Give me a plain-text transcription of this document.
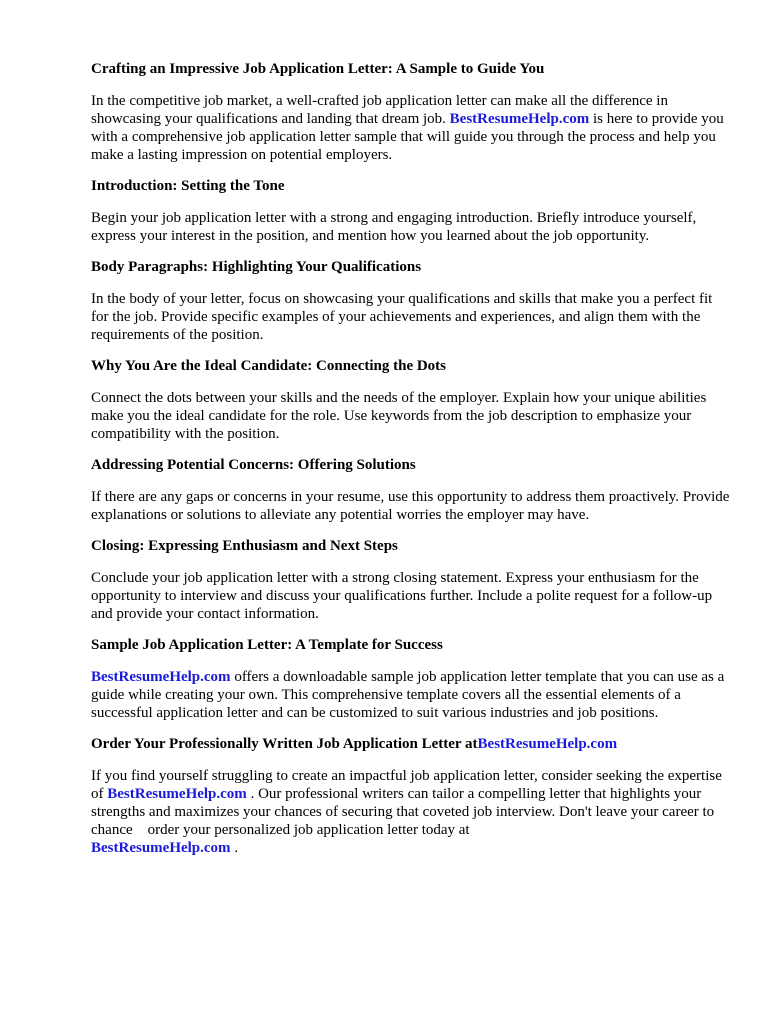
Crafting an Impressive Job Application Letter: A Sample to Guide You

In the competitive job market, a well-crafted job application letter can make all the difference in showcasing your qualifications and landing that dream job. BestResumeHelp.com is here to provide you with a comprehensive job application letter sample that will guide you through the process and help you make a lasting impression on potential employers.

Introduction: Setting the Tone

Begin your job application letter with a strong and engaging introduction. Briefly introduce yourself, express your interest in the position, and mention how you learned about the job opportunity.

Body Paragraphs: Highlighting Your Qualifications

In the body of your letter, focus on showcasing your qualifications and skills that make you a perfect fit for the job. Provide specific examples of your achievements and experiences, and align them with the requirements of the position.

Why You Are the Ideal Candidate: Connecting the Dots

Connect the dots between your skills and the needs of the employer. Explain how your unique abilities make you the ideal candidate for the role. Use keywords from the job description to emphasize your compatibility with the position.

Addressing Potential Concerns: Offering Solutions

If there are any gaps or concerns in your resume, use this opportunity to address them proactively. Provide explanations or solutions to alleviate any potential worries the employer may have.

Closing: Expressing Enthusiasm and Next Steps

Conclude your job application letter with a strong closing statement. Express your enthusiasm for the opportunity to interview and discuss your qualifications further. Include a polite request for a follow-up and provide your contact information.

Sample Job Application Letter: A Template for Success

BestResumeHelp.com offers a downloadable sample job application letter template that you can use as a guide while creating your own. This comprehensive template covers all the essential elements of a successful application letter and can be customized to suit various industries and job positions.

Order Your Professionally Written Job Application Letter atBestResumeHelp.com

If you find yourself struggling to create an impactful job application letter, consider seeking the expertise of BestResumeHelp.com . Our professional writers can tailor a compelling letter that highlights your strengths and maximizes your chances of securing that coveted job interview. Don't leave your career to chance    order your personalized job application letter today at
BestResumeHelp.com .
